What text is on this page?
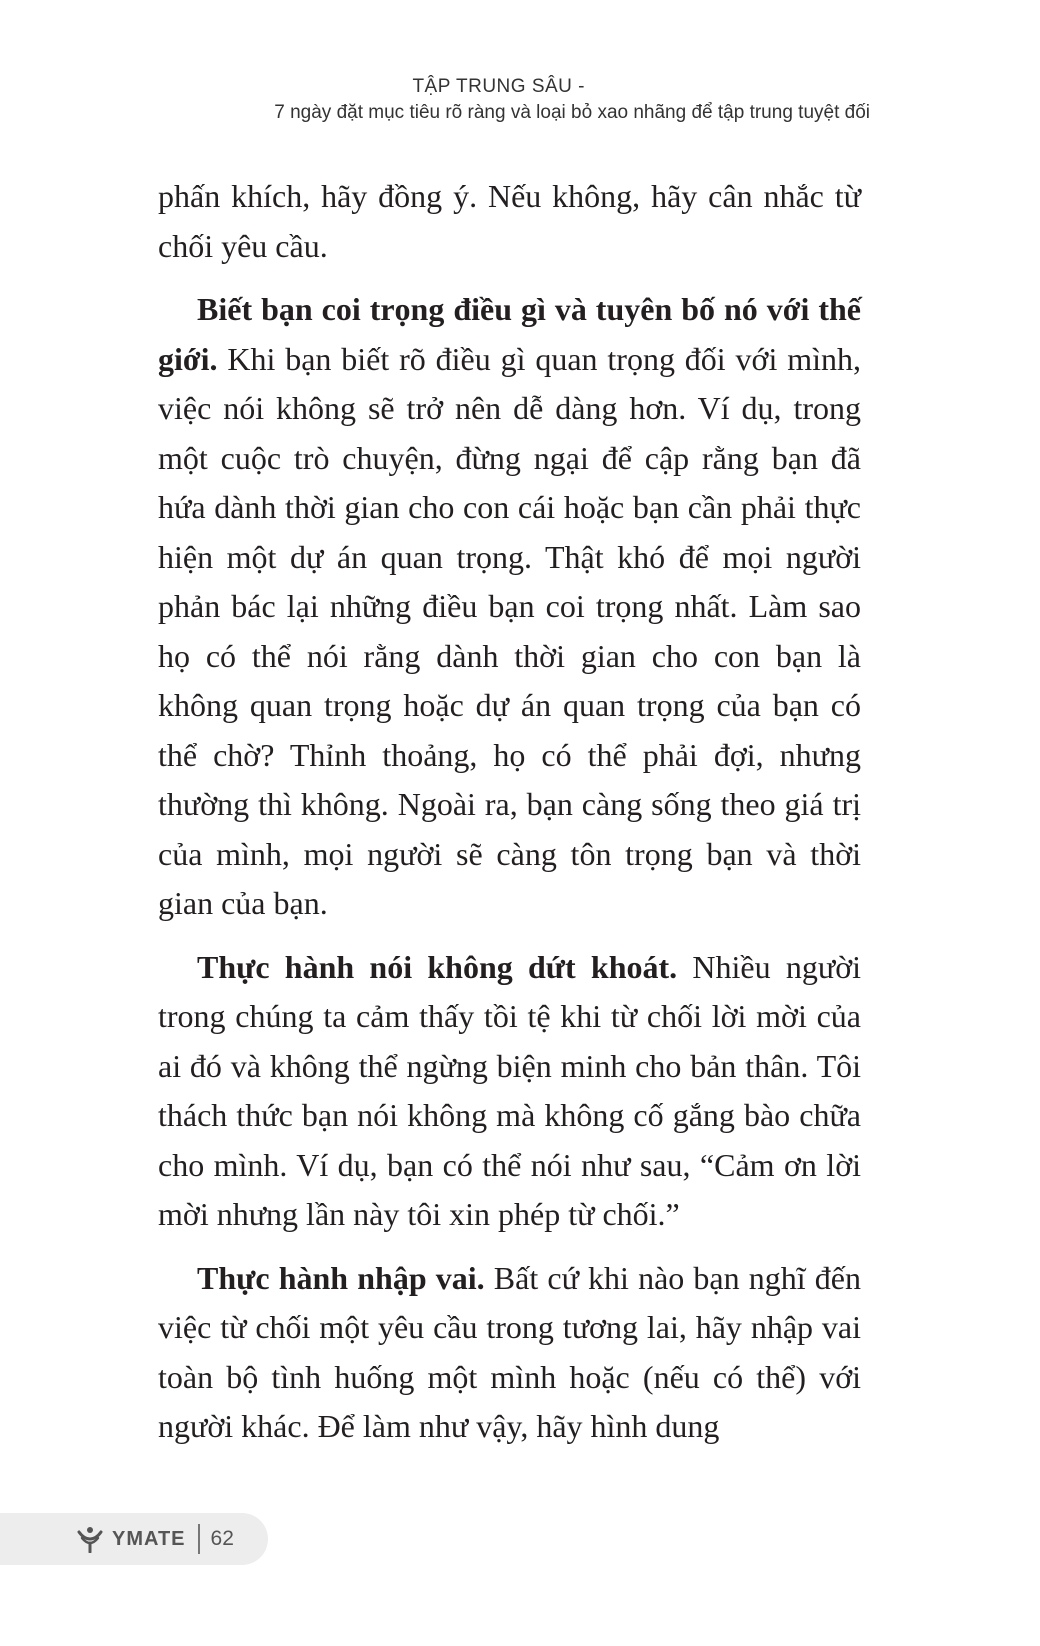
TẬP TRUNG SÂU -
7 ngày đặt mục tiêu rõ ràng và loại bỏ xao nhãng để tập trung tuyệt đối

phấn khích, hãy đồng ý. Nếu không, hãy cân nhắc từ chối yêu cầu.

Biết bạn coi trọng điều gì và tuyên bố nó với thế giới. Khi bạn biết rõ điều gì quan trọng đối với mình, việc nói không sẽ trở nên dễ dàng hơn. Ví dụ, trong một cuộc trò chuyện, đừng ngại để cập rằng bạn đã hứa dành thời gian cho con cái hoặc bạn cần phải thực hiện một dự án quan trọng. Thật khó để mọi người phản bác lại những điều bạn coi trọng nhất. Làm sao họ có thể nói rằng dành thời gian cho con bạn là không quan trọng hoặc dự án quan trọng của bạn có thể chờ? Thỉnh thoảng, họ có thể phải đợi, nhưng thường thì không. Ngoài ra, bạn càng sống theo giá trị của mình, mọi người sẽ càng tôn trọng bạn và thời gian của bạn.

Thực hành nói không dứt khoát. Nhiều người trong chúng ta cảm thấy tồi tệ khi từ chối lời mời của ai đó và không thể ngừng biện minh cho bản thân. Tôi thách thức bạn nói không mà không cố gắng bào chữa cho mình. Ví dụ, bạn có thể nói như sau, “Cảm ơn lời mời nhưng lần này tôi xin phép từ chối.”

Thực hành nhập vai. Bất cứ khi nào bạn nghĩ đến việc từ chối một yêu cầu trong tương lai, hãy nhập vai toàn bộ tình huống một mình hoặc (nếu có thể) với người khác. Để làm như vậy, hãy hình dung

YMATE 62
